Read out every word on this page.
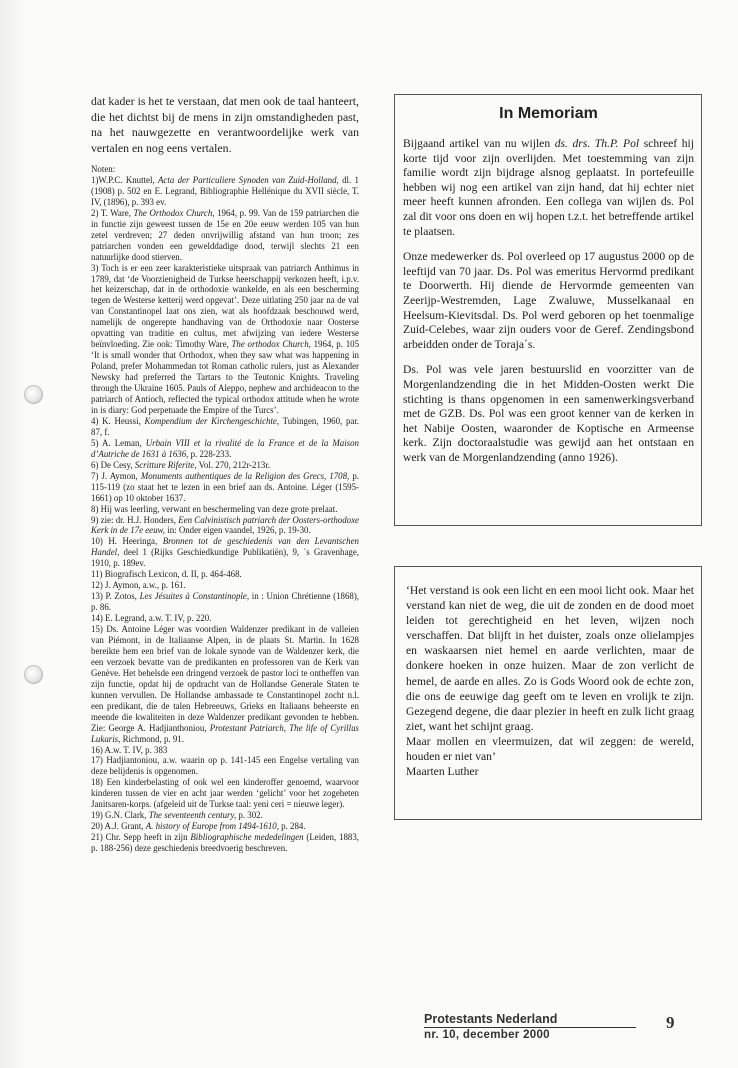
dat kader is het te verstaan, dat men ook de taal hanteert, die het dichtst bij de mens in zijn omstandigheden past, na het nauwgezette en verantwoordelijke werk van vertalen en nog eens vertalen.

Noten:

1)W.P.C. Knuttel, Acta der Particuliere Synoden van Zuid-Holland, dl. 1 (1908) p. 502 en E. Legrand, Bibliographie Hellénique du XVII siècle, T. IV, (1896), p. 393 ev.

2) T. Ware, The Orthodox Church, 1964, p. 99. Van de 159 patriarchen die in functie zijn geweest tussen de 15e en 20e eeuw werden 105 van hun zetel verdreven; 27 deden onvrijwillig afstand van hun troon; zes patriarchen vonden een gewelddadige dood, terwijl slechts 21 een natuurlijke dood stierven.

3) Toch is er een zeer karakteristieke uitspraak van patriarch Anthimus in 1789, dat ‘de Voorzienigheid de Turkse heerschappij verkozen heeft, i.p.v. het keizerschap, dat in de orthodoxie wankelde, en als een bescherming tegen de Westerse ketterij werd opgevat’. Deze uitlating 250 jaar na de val van Constantinopel laat ons zien, wat als hoofdzaak beschouwd werd, namelijk de ongerepte handhaving van de Orthodoxie naar Oosterse opvatting van traditie en cultus, met afwijzing van iedere Westerse beïnvloeding. Zie ook: Timothy Ware, The orthodox Church, 1964, p. 105 ‘It is small wonder that Orthodox, when they saw what was happening in Poland, prefer Mohammedan tot Roman catholic rulers, just as Alexander Newsky had preferred the Tartars to the Teutonic Knights. Traveling through the Ukraine 1605. Pauls of Aleppo, nephew and archideacon to the patriarch of Antioch, reflected the typical orthodox attitude when he wrote in is diary: God perpetuade the Empire of the Turcs’.

4) K. Heussi, Kompendium der Kirchengeschichte, Tubingen, 1960, par. 87, f.

5) A. Leman, Urbain VIII et la rivalité de la France et de la Maison d’Autriche de 1631 à 1636, p. 228-233.

6) De Cesy, Scritture Riferite, Vol. 270, 212r-213r.

7) J. Aymon, Monuments authentiques de la Religion des Grecs, 1708, p. 115-119 (zo staat het te lezen in een brief aan ds. Antoine. Léger (1595-1661) op 10 oktober 1637.

8) Hij was leerling, verwant en beschermeling van deze grote prelaat.

9) zie: dr. H.J. Honders, Een Calvinistisch patriarch der Oosters-orthodoxe Kerk in de 17e eeuw, in: Onder eigen vaandel, 1926, p. 19-30.

10) H. Heeringa, Bronnen tot de geschiedenis van den Levantschen Handel, deel 1 (Rijks Geschiedkundige Publikatiën), 9, ´s Gravenhage, 1910, p. 189ev.

11) Biografisch Lexicon, d. II, p. 464-468.

12) J. Aymon, a.w., p. 161.

13) P. Zotos, Les Jésuites à Constantinople, in : Union Chrétienne (1868), p. 86.

14) E. Legrand, a.w. T. IV, p. 220.

15) Ds. Antoine Léger was voordien Waldenzer predikant in de valleien van Piémont, in de Italiaanse Alpen, in de plaats St. Martin. In 1628 bereikte hem een brief van de lokale synode van de Waldenzer kerk, die een verzoek bevatte van de predikanten en professoren van de Kerk van Genève. Het behelsde een dringend verzoek de pastor loci te ontheffen van zijn functie, opdat hij de opdracht van de Hollandse Generale Staten te kunnen vervullen. De Hollandse ambassade te Constantinopel zocht n.l. een predikant, die de talen Hebreeuws, Grieks en Italiaans beheerste en meende die kwaliteiten in deze Waldenzer predikant gevonden te hebben. Zie: George A. Hadjianthoniou, Protestant Patriarch, The life of Cyrillus Lukaris, Richmond, p. 91.

16) A.w. T. IV, p. 383

17) Hadjiantoniou, a.w. waarin op p. 141-145 een Engelse vertaling van deze belijdenis is opgenomen.

18) Een kinderbelasting of ook wel een kinderoffer genoemd, waarvoor kinderen tussen de vier en acht jaar werden ‘gelicht’ voor het zogeheten Janitsaren-korps. (afgeleid uit de Turkse taal: yeni ceri = nieuwe leger).

19) G.N. Clark, The seventeenth century, p. 302.

20) A.J. Grant, A. history of Europe from 1494-1610, p. 284.

21) Chr. Sepp heeft in zijn Bibliographische mededelingen (Leiden, 1883, p. 188-256) deze geschiedenis breedvoerig beschreven.

In Memoriam

Bijgaand artikel van nu wijlen ds. drs. Th.P. Pol schreef hij korte tijd voor zijn overlijden. Met toestemming van zijn familie wordt zijn bijdrage alsnog geplaatst. In portefeuille hebben wij nog een artikel van zijn hand, dat hij echter niet meer heeft kunnen afronden. Een collega van wijlen ds. Pol zal dit voor ons doen en wij hopen t.z.t. het betreffende artikel te plaatsen.

Onze medewerker ds. Pol overleed op 17 augustus 2000 op de leeftijd van 70 jaar. Ds. Pol was emeritus Hervormd predikant te Doorwerth. Hij diende de Hervormde gemeenten van Zeerijp-Westremden, Lage Zwaluwe, Musselkanaal en Heelsum-Kievitsdal. Ds. Pol werd geboren op het toenmalige Zuid-Celebes, waar zijn ouders voor de Geref. Zendingsbond arbeidden onder de Toraja´s.

Ds. Pol was vele jaren bestuurslid en voorzitter van de Morgenlandzending die in het Midden-Oosten werkt Die stichting is thans opgenomen in een samenwerkingsverband met de GZB. Ds. Pol was een groot kenner van de kerken in het Nabije Oosten, waaronder de Koptische en Armeense kerk. Zijn doctoraalstudie was gewijd aan het ontstaan en werk van de Morgenlandzending (anno 1926).

‘Het verstand is ook een licht en een mooi licht ook. Maar het verstand kan niet de weg, die uit de zonden en de dood moet leiden tot gerechtigheid en het leven, wijzen noch verschaffen. Dat blijft in het duister, zoals onze olielampjes en waskaarsen niet hemel en aarde verlichten, maar de donkere hoeken in onze huizen. Maar de zon verlicht de hemel, de aarde en alles. Zo is Gods Woord ook de echte zon, die ons de eeuwige dag geeft om te leven en vrolijk te zijn. Gezegend degene, die daar plezier in heeft en zulk licht graag ziet, want het schijnt graag.

Maar mollen en vleermuizen, dat wil zeggen: de wereld, houden er niet van’

Maarten Luther

Protestants Nederland
nr. 10, december 2000
9
